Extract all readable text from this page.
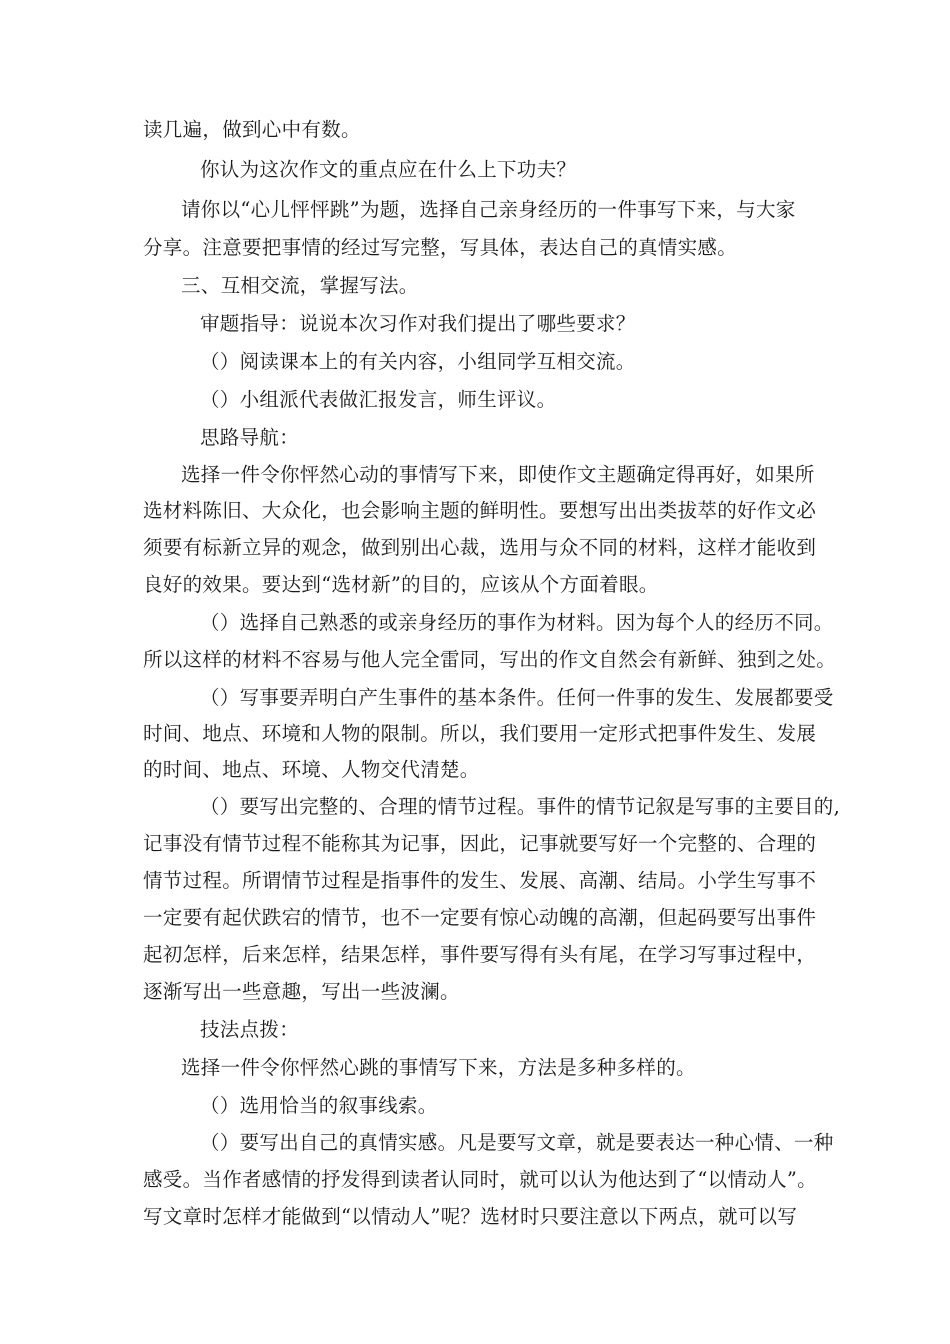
读几遍，做到心中有数。

你认为这次作文的重点应在什么上下功夫？

请你以“心儿怦怦跳”为题，选择自己亲身经历的一件事写下来，与大家

分享。注意要把事情的经过写完整，写具体，表达自己的真情实感。

三、互相交流，掌握写法。

审题指导：说说本次习作对我们提出了哪些要求？

（）阅读课本上的有关内容，小组同学互相交流。

（）小组派代表做汇报发言，师生评议。

思路导航：

选择一件令你怦然心动的事情写下来，即使作文主题确定得再好，如果所

选材料陈旧、大众化，也会影响主题的鲜明性。要想写出出类拔萃的好作文必

须要有标新立异的观念，做到别出心裁，选用与众不同的材料，这样才能收到

良好的效果。要达到“选材新”的目的，应该从个方面着眼。

（）选择自己熟悉的或亲身经历的事作为材料。因为每个人的经历不同。

所以这样的材料不容易与他人完全雷同，写出的作文自然会有新鲜、独到之处。

（）写事要弄明白产生事件的基本条件。任何一件事的发生、发展都要受

时间、地点、环境和人物的限制。所以，我们要用一定形式把事件发生、发展

的时间、地点、环境、人物交代清楚。

（）要写出完整的、合理的情节过程。事件的情节记叙是写事的主要目的,

记事没有情节过程不能称其为记事，因此，记事就要写好一个完整的、合理的

情节过程。所谓情节过程是指事件的发生、发展、高潮、结局。小学生写事不

一定要有起伏跌宕的情节，也不一定要有惊心动魄的高潮，但起码要写出事件

起初怎样，后来怎样，结果怎样，事件要写得有头有尾，在学习写事过程中，

逐渐写出一些意趣，写出一些波澜。

技法点拨：

选择一件令你怦然心跳的事情写下来，方法是多种多样的。

（）选用恰当的叙事线索。

（）要写出自己的真情实感。凡是要写文章，就是要表达一种心情、一种

感受。当作者感情的抒发得到读者认同时，就可以认为他达到了“以情动人”。

写文章时怎样才能做到“以情动人”呢？选材时只要注意以下两点，就可以写
